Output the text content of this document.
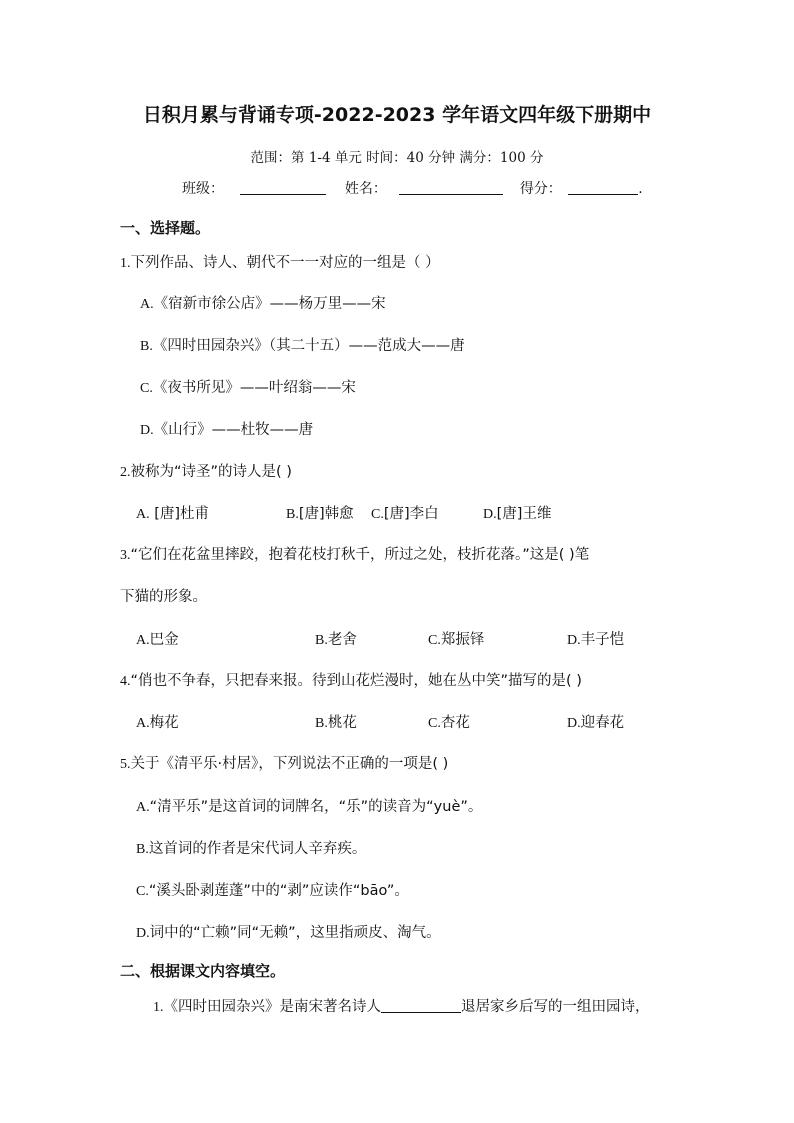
日积月累与背诵专项-2022-2023 学年语文四年级下册期中
范围：第 1-4 单元 时间：40 分钟 满分：100 分
班级：	姓名：	得分：	.
一、选择题。
1.下列作品、诗人、朝代不一一对应的一组是（ ）
A.《宿新市徐公店》——杨万里——宋
B.《四时田园杂兴》（其二十五）——范成大——唐
C.《夜书所见》——叶绍翁——宋
D.《山行》——杜牧——唐
2.被称为“诗圣”的诗人是( )
A. [唐]杜甫	B.[唐]韩愈 C.[唐]李白	D.[唐]王维
3.“它们在花盆里摔跤，抱着花枝打秋千，所过之处，枝折花落。”这是( )笔
下猫的形象。
A.巴金	B.老舍	C.郑振铎	D.丰子恺
4.“俏也不争春，只把春来报。待到山花烂漫时，她在丛中笑”描写的是( )
A.梅花	B.桃花	C.杏花	D.迎春花
5.关于《清平乐·村居》，下列说法不正确的一项是( )
A.“清平乐”是这首词的词牌名，“乐”的读音为“yuè”。
B.这首词的作者是宋代词人辛弃疾。
C.“溪头卧剥莲蓬”中的“剥”应读作“bāo”。
D.词中的“亡赖”同“无赖”，这里指顽皮、淘气。
二、根据课文内容填空。
1.《四时田园杂兴》是南宋著名诗人	退居家乡后写的一组田园诗，
